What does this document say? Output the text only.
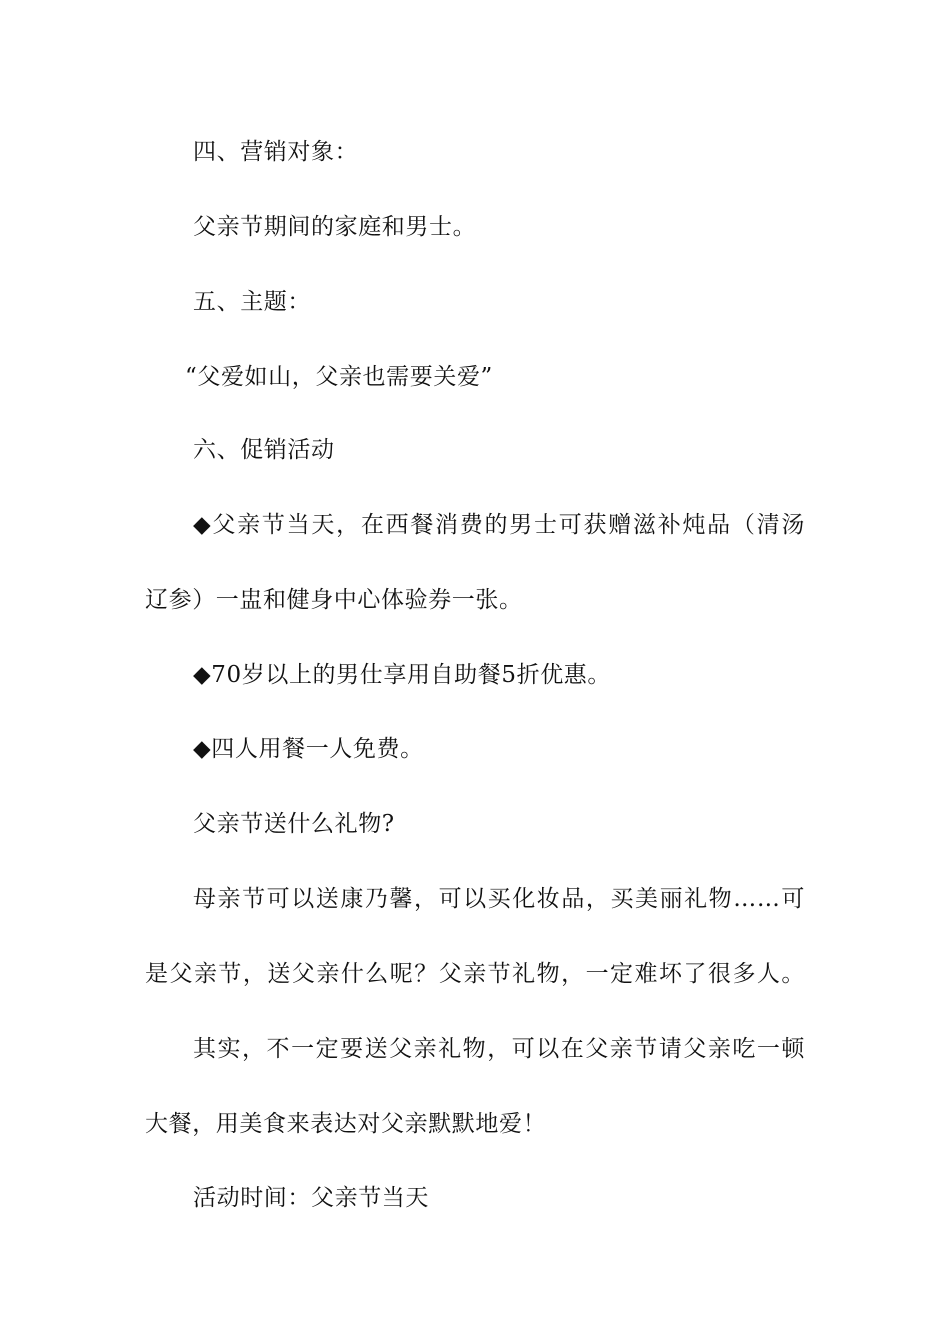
四、营销对象：
父亲节期间的家庭和男士。
五、主题：
“父爱如山，父亲也需要关爱”
六、促销活动
◆父亲节当天，在西餐消费的男士可获赠滋补炖品（清汤
辽参）一盅和健身中心体验券一张。
◆70岁以上的男仕享用自助餐5折优惠。
◆四人用餐一人免费。
父亲节送什么礼物?
母亲节可以送康乃馨，可以买化妆品，买美丽礼物……可
是父亲节，送父亲什么呢？父亲节礼物，一定难坏了很多人。
其实，不一定要送父亲礼物，可以在父亲节请父亲吃一顿
大餐，用美食来表达对父亲默默地爱！
活动时间：父亲节当天
